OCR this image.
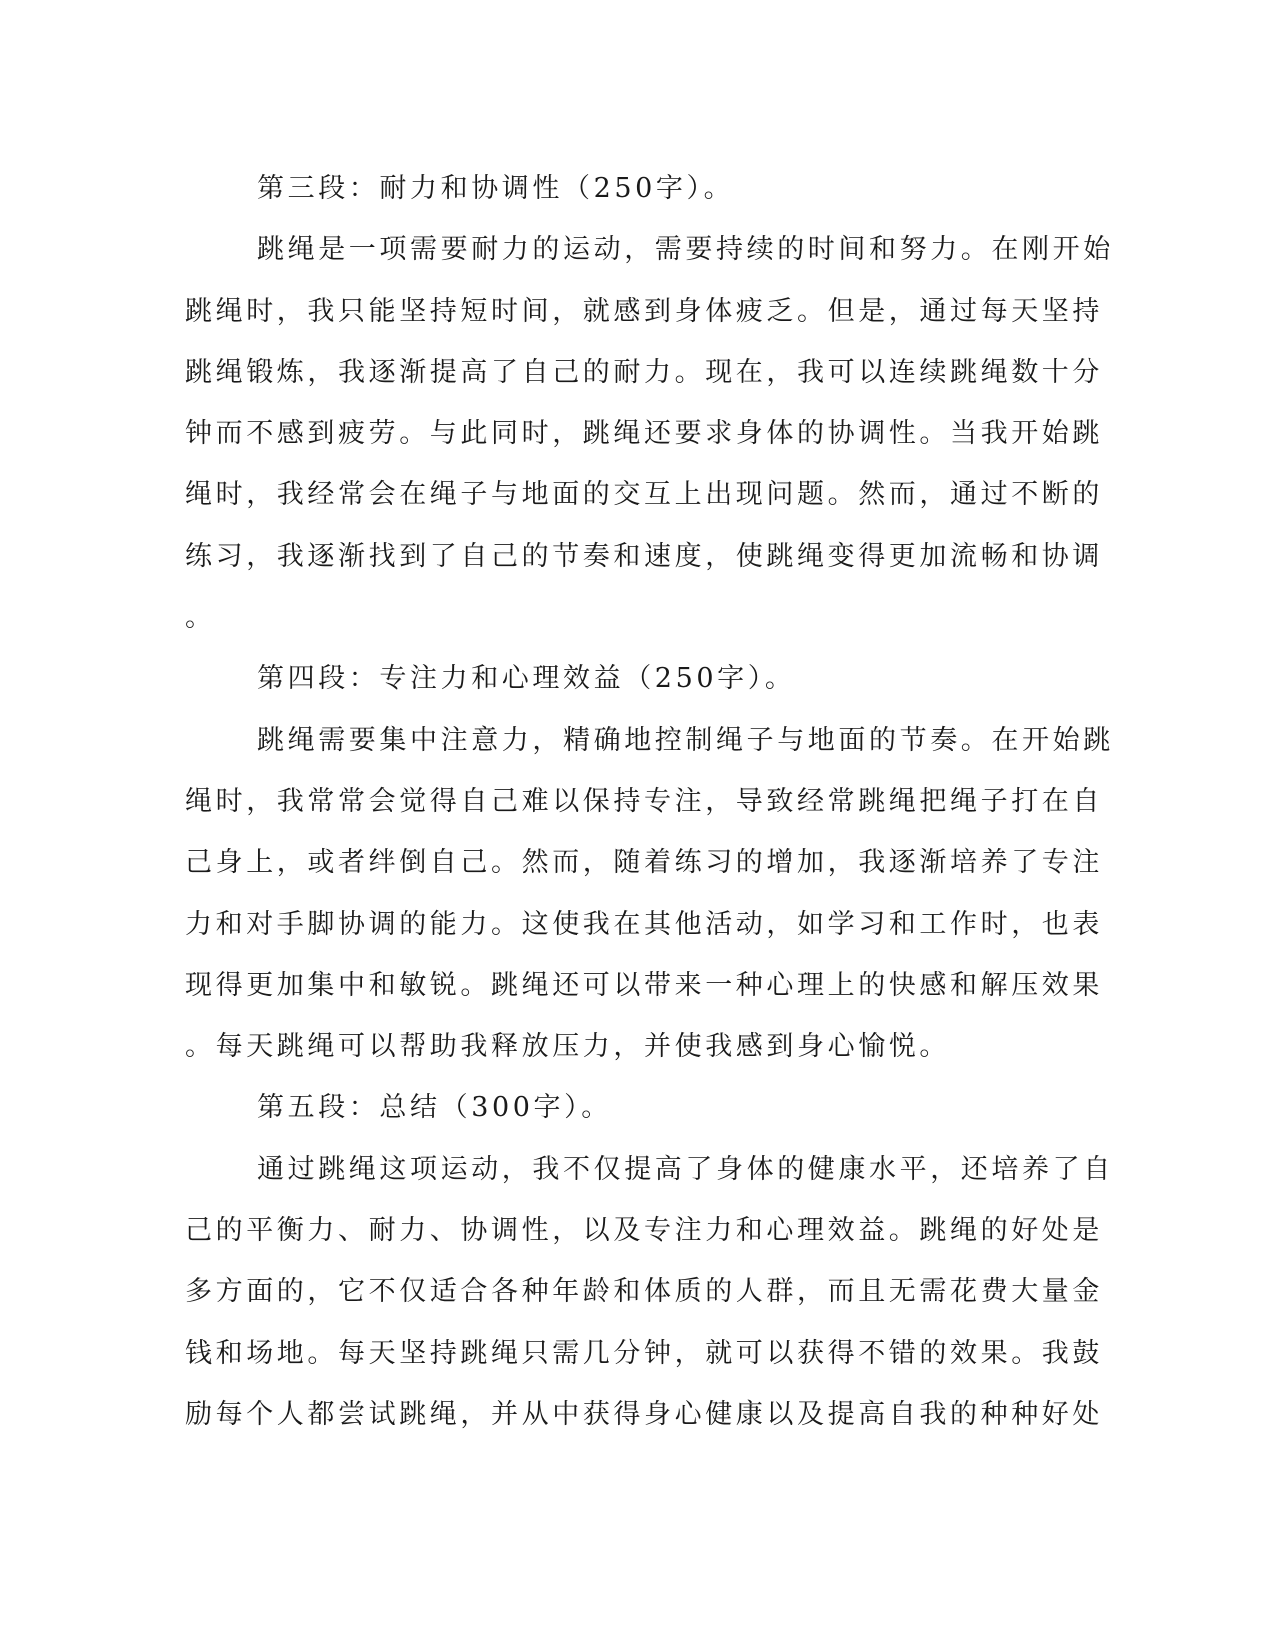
第三段：耐力和协调性（250字）。
跳绳是一项需要耐力的运动，需要持续的时间和努力。在刚开始
跳绳时，我只能坚持短时间，就感到身体疲乏。但是，通过每天坚持
跳绳锻炼，我逐渐提高了自己的耐力。现在，我可以连续跳绳数十分
钟而不感到疲劳。与此同时，跳绳还要求身体的协调性。当我开始跳
绳时，我经常会在绳子与地面的交互上出现问题。然而，通过不断的
练习，我逐渐找到了自己的节奏和速度，使跳绳变得更加流畅和协调
。
第四段：专注力和心理效益（250字）。
跳绳需要集中注意力，精确地控制绳子与地面的节奏。在开始跳
绳时，我常常会觉得自己难以保持专注，导致经常跳绳把绳子打在自
己身上，或者绊倒自己。然而，随着练习的增加，我逐渐培养了专注
力和对手脚协调的能力。这使我在其他活动，如学习和工作时，也表
现得更加集中和敏锐。跳绳还可以带来一种心理上的快感和解压效果
。每天跳绳可以帮助我释放压力，并使我感到身心愉悦。
第五段：总结（300字）。
通过跳绳这项运动，我不仅提高了身体的健康水平，还培养了自
己的平衡力、耐力、协调性，以及专注力和心理效益。跳绳的好处是
多方面的，它不仅适合各种年龄和体质的人群，而且无需花费大量金
钱和场地。每天坚持跳绳只需几分钟，就可以获得不错的效果。我鼓
励每个人都尝试跳绳，并从中获得身心健康以及提高自我的种种好处
